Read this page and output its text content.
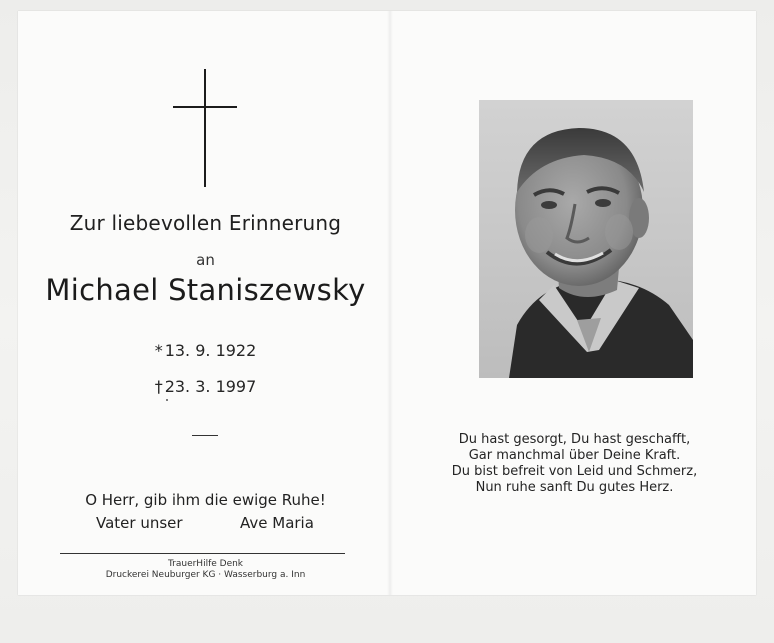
Zur liebevollen Erinnerung
an
Michael Staniszewsky
* 13. 9. 1922
† 23. 3. 1997
O Herr, gib ihm die ewige Ruhe!
Vater unser	Ave Maria
TrauerHilfe Denk
Druckerei Neuburger KG · Wasserburg a. Inn
Du hast gesorgt, Du hast geschafft,
Gar manchmal über Deine Kraft.
Du bist befreit von Leid und Schmerz,
Nun ruhe sanft Du gutes Herz.
